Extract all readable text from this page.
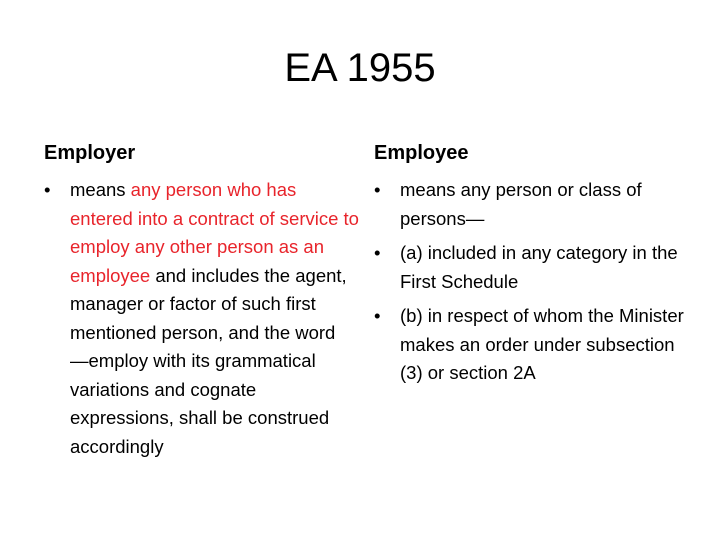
EA 1955
Employer
•	means any person who has entered into a contract of service to employ any other person as an employee and includes the agent, manager or factor of such first mentioned person, and the word ―employ with its grammatical variations and cognate expressions, shall be construed accordingly
Employee
•	means any person or class of persons―
•	(a) included in any category in the First Schedule
•	(b) in respect of whom the Minister makes an order under subsection (3) or section 2A
